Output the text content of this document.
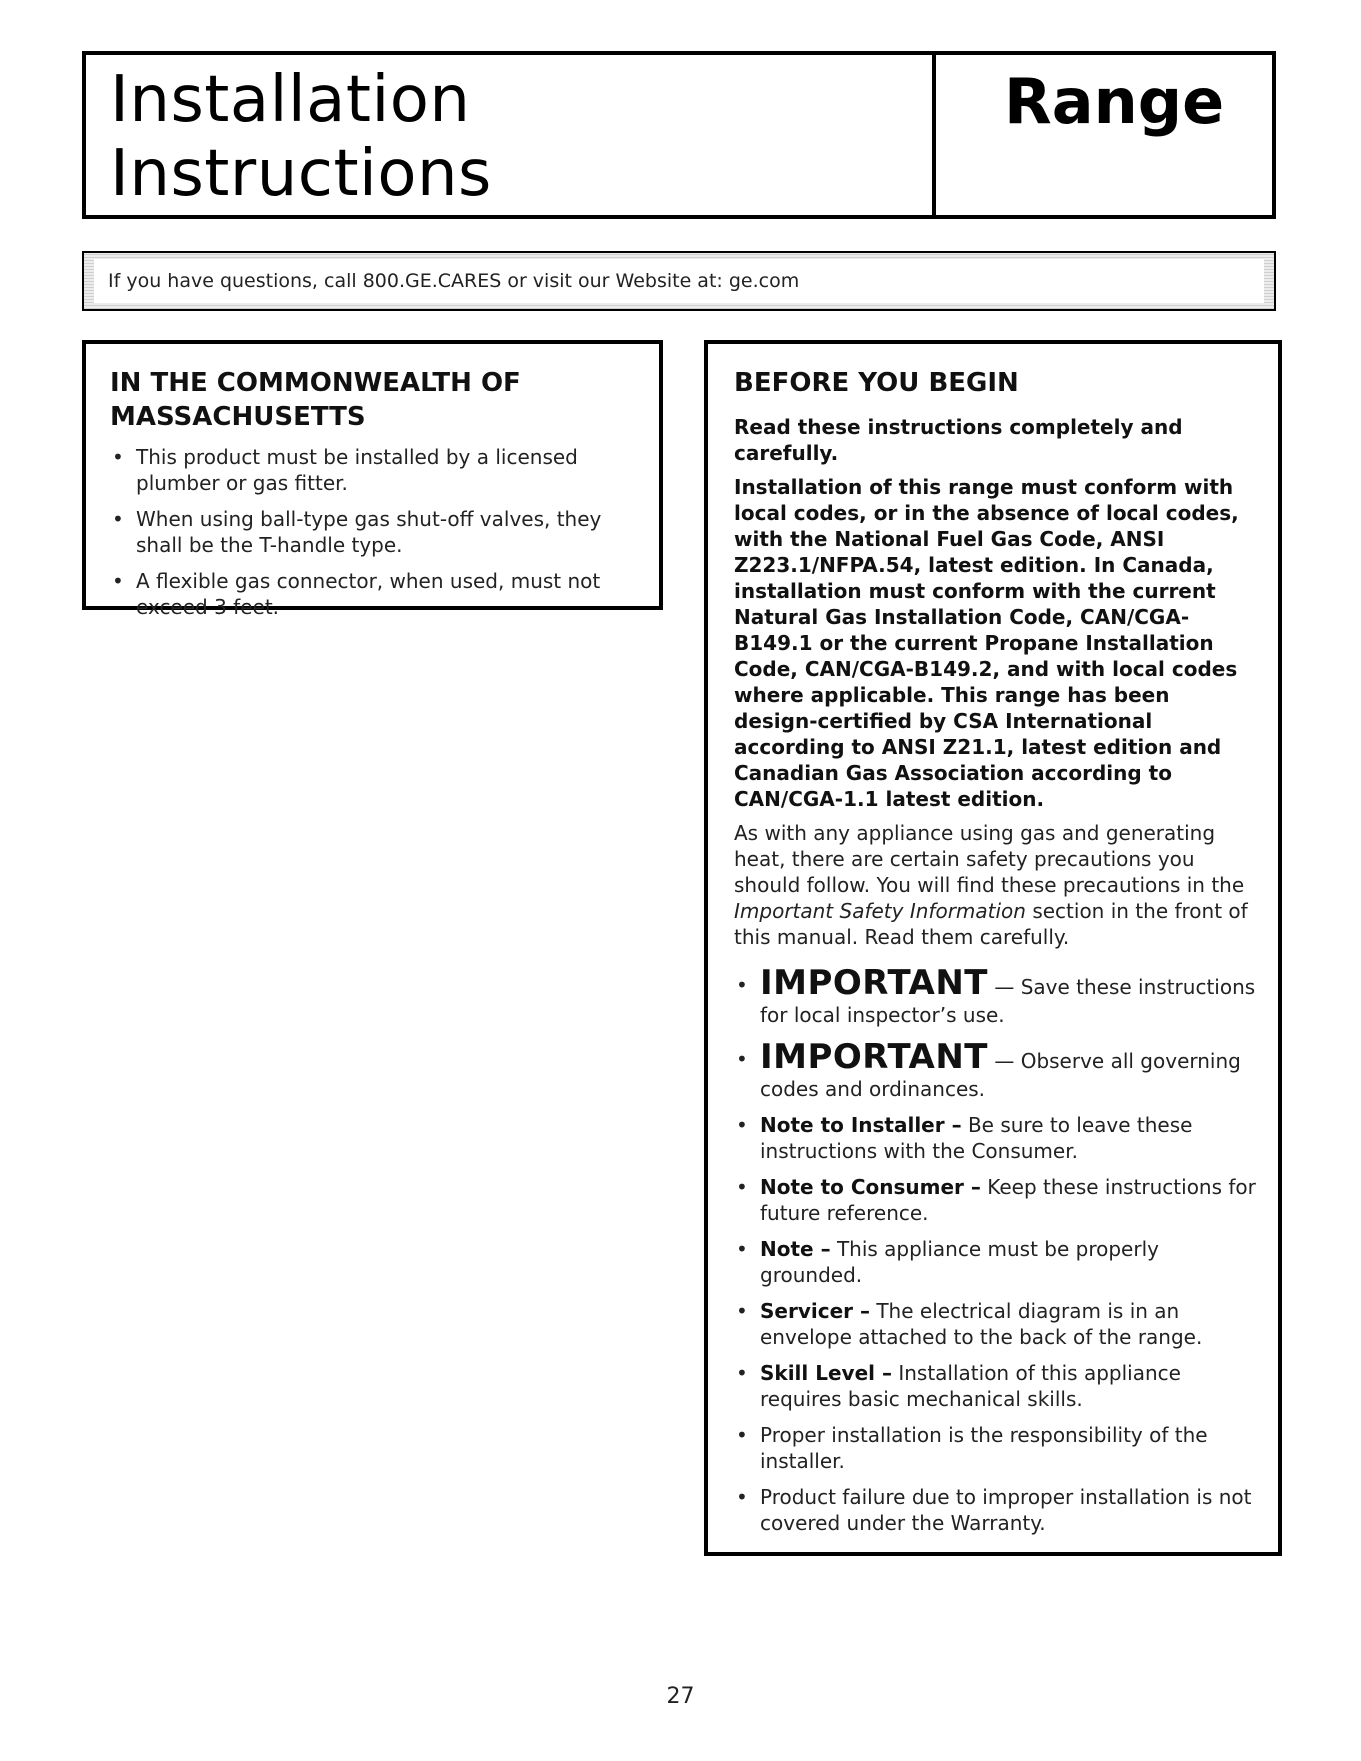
Installation
Instructions
Range
If you have questions, call 800.GE.CARES or visit our Website at: ge.com
IN THE COMMONWEALTH OF
MASSACHUSETTS
• This product must be installed by a licensed plumber or gas fitter.
• When using ball-type gas shut-off valves, they shall be the T-handle type.
• A flexible gas connector, when used, must not exceed 3 feet.
BEFORE YOU BEGIN

Read these instructions completely and carefully.

Installation of this range must conform with local codes, or in the absence of local codes, with the National Fuel Gas Code, ANSI Z223.1/NFPA.54, latest edition. In Canada, installation must conform with the current Natural Gas Installation Code, CAN/CGA-B149.1 or the current Propane Installation Code, CAN/CGA-B149.2, and with local codes where applicable. This range has been design-certified by CSA International according to ANSI Z21.1, latest edition and Canadian Gas Association according to CAN/CGA-1.1 latest edition.

As with any appliance using gas and generating heat, there are certain safety precautions you should follow. You will find these precautions in the Important Safety Information section in the front of this manual. Read them carefully.

• IMPORTANT — Save these instructions for local inspector’s use.
• IMPORTANT — Observe all governing codes and ordinances.
• Note to Installer – Be sure to leave these instructions with the Consumer.
• Note to Consumer – Keep these instructions for future reference.
• Note – This appliance must be properly grounded.
• Servicer – The electrical diagram is in an envelope attached to the back of the range.
• Skill Level – Installation of this appliance requires basic mechanical skills.
• Proper installation is the responsibility of the installer.
• Product failure due to improper installation is not covered under the Warranty.
27
